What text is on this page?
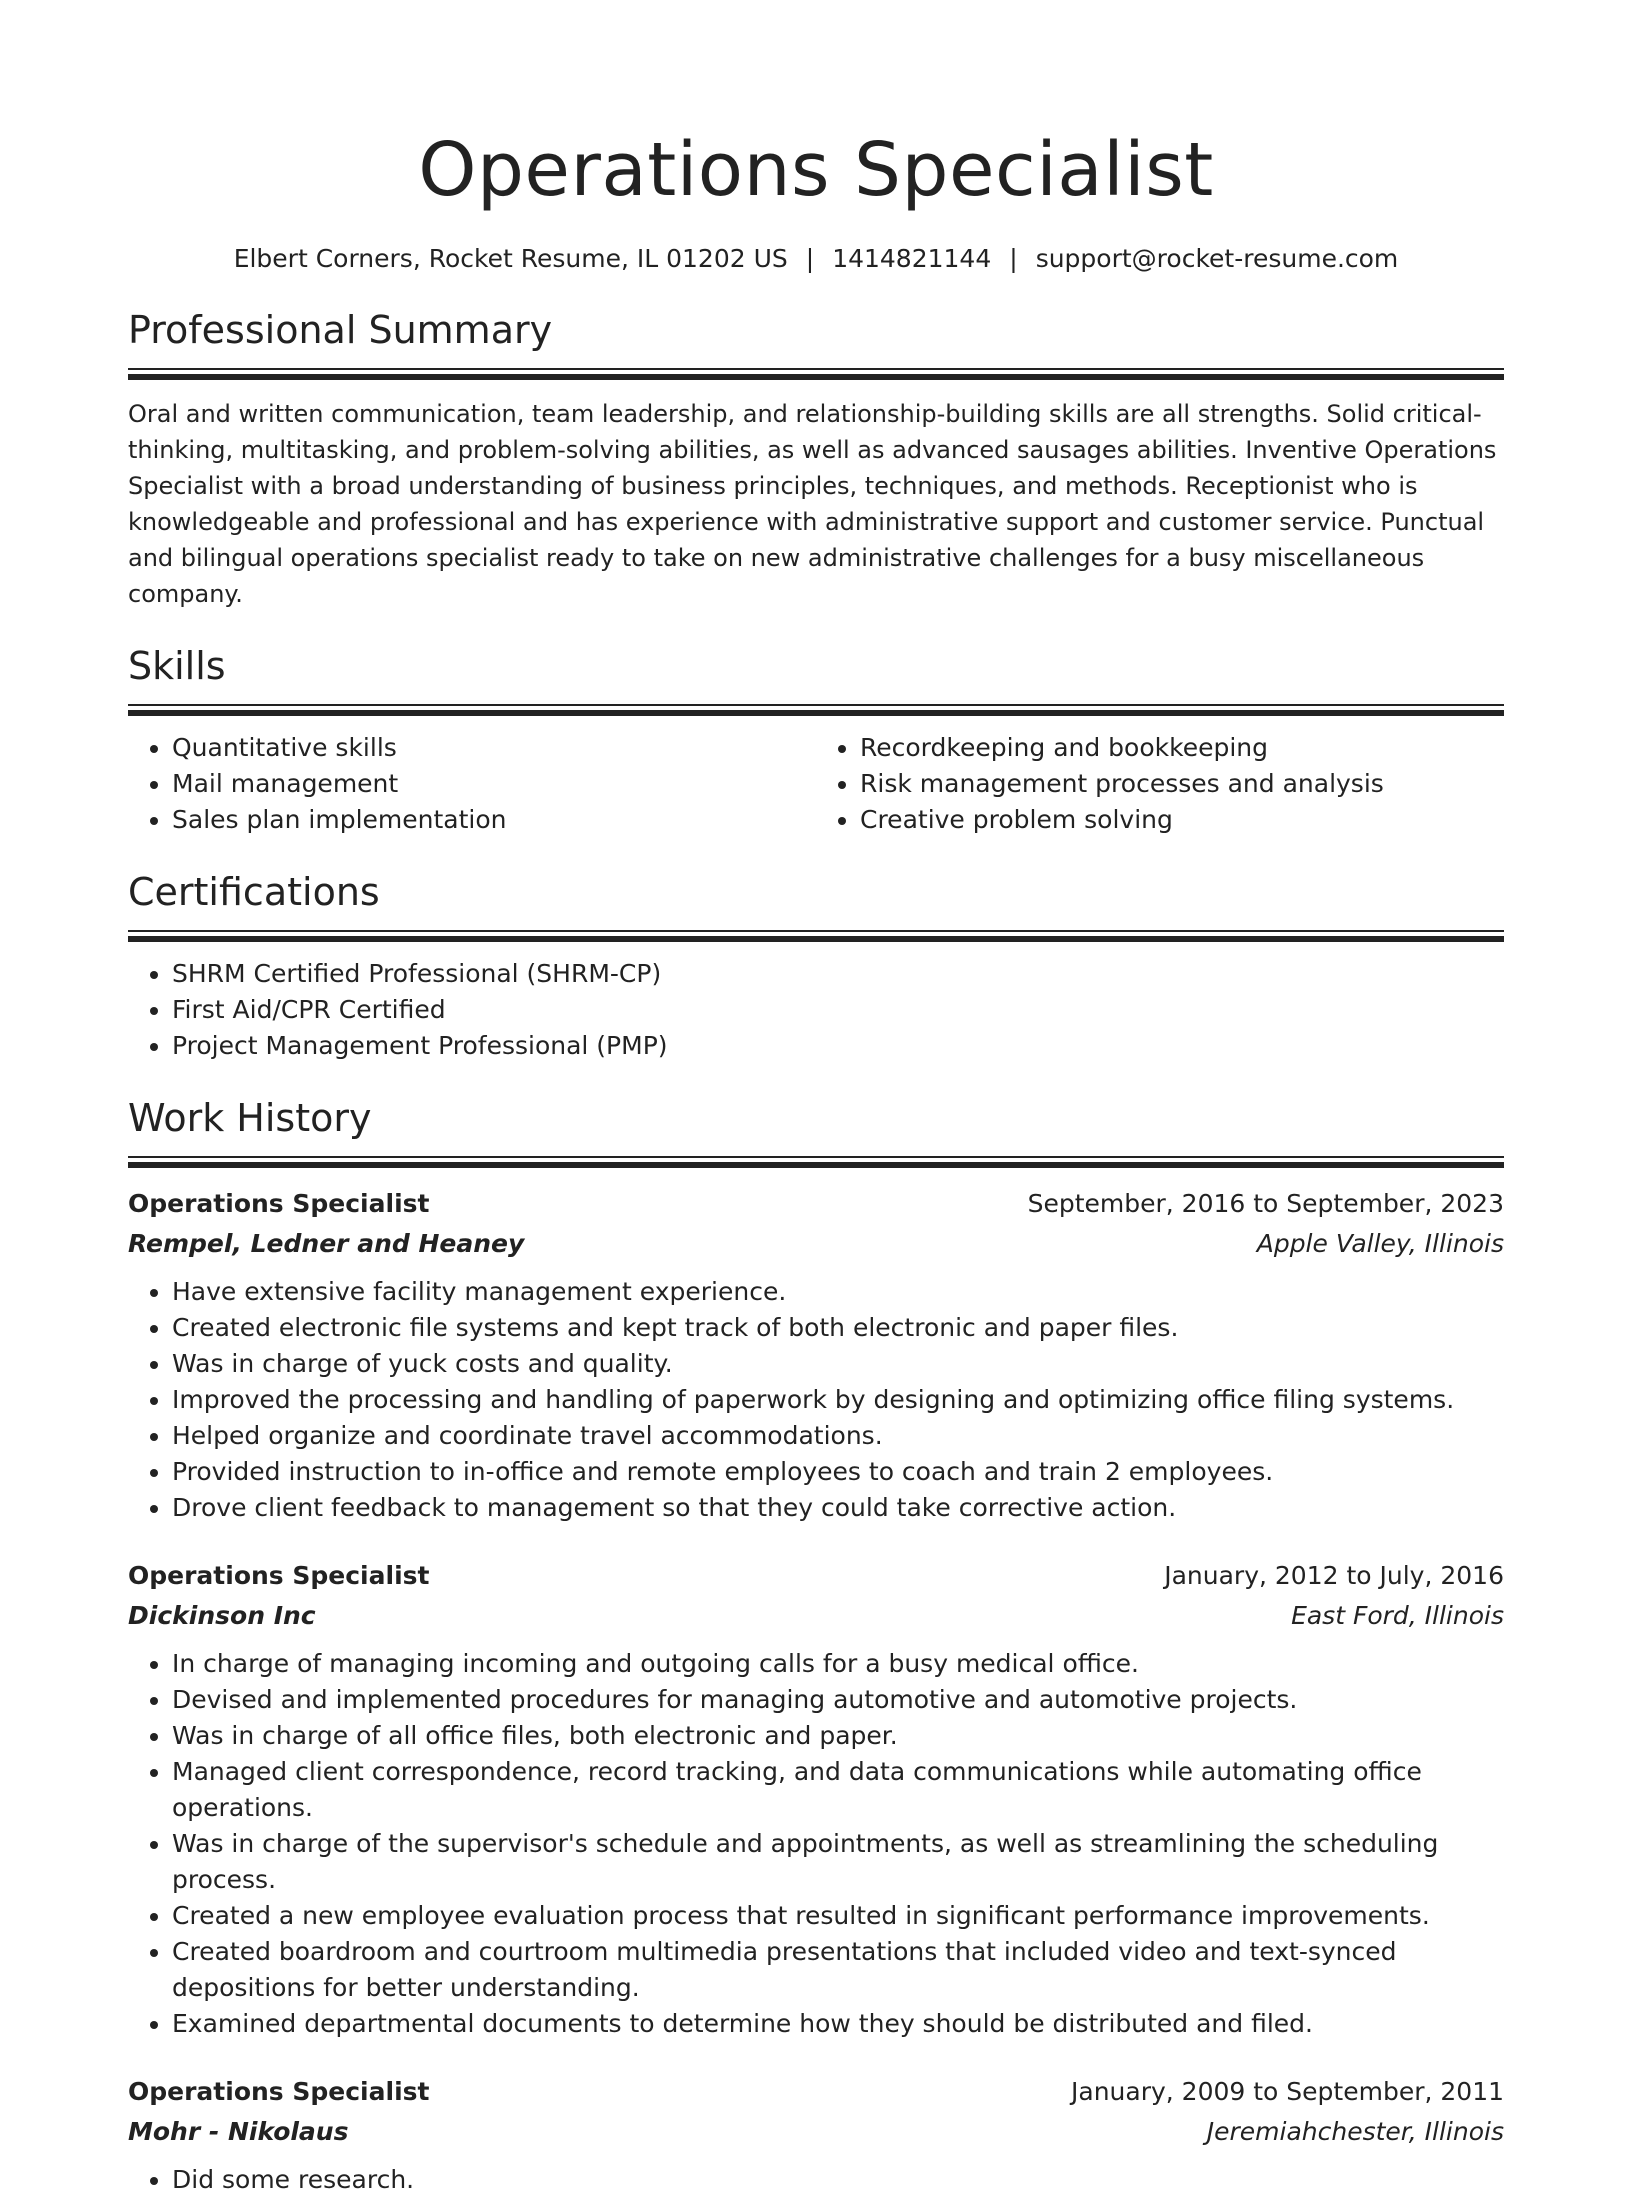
Operations Specialist
Elbert Corners, Rocket Resume, IL 01202 US | 1414821144 | support@rocket-resume.com
Professional Summary

Oral and written communication, team leadership, and relationship-building skills are all strengths. Solid critical-thinking, multitasking, and problem-solving abilities, as well as advanced sausages abilities. Inventive Operations Specialist with a broad understanding of business principles, techniques, and methods. Receptionist who is knowledgeable and professional and has experience with administrative support and customer service. Punctual and bilingual operations specialist ready to take on new administrative challenges for a busy miscellaneous company.

Skills
• Quantitative skills
• Mail management
• Sales plan implementation
• Recordkeeping and bookkeeping
• Risk management processes and analysis
• Creative problem solving
Certifications
• SHRM Certified Professional (SHRM-CP)
• First Aid/CPR Certified
• Project Management Professional (PMP)
Work History
Operations Specialist	September, 2016 to September, 2023
Rempel, Ledner and Heaney	Apple Valley, Illinois
• Have extensive facility management experience.
• Created electronic file systems and kept track of both electronic and paper files.
• Was in charge of yuck costs and quality.
• Improved the processing and handling of paperwork by designing and optimizing office filing systems.
• Helped organize and coordinate travel accommodations.
• Provided instruction to in-office and remote employees to coach and train 2 employees.
• Drove client feedback to management so that they could take corrective action.
Operations Specialist	January, 2012 to July, 2016
Dickinson Inc	East Ford, Illinois
• In charge of managing incoming and outgoing calls for a busy medical office.
• Devised and implemented procedures for managing automotive and automotive projects.
• Was in charge of all office files, both electronic and paper.
• Managed client correspondence, record tracking, and data communications while automating office operations.
• Was in charge of the supervisor's schedule and appointments, as well as streamlining the scheduling process.
• Created a new employee evaluation process that resulted in significant performance improvements.
• Created boardroom and courtroom multimedia presentations that included video and text-synced depositions for better understanding.
• Examined departmental documents to determine how they should be distributed and filed.
Operations Specialist	January, 2009 to September, 2011
Mohr - Nikolaus	Jeremiahchester, Illinois
• Did some research.
